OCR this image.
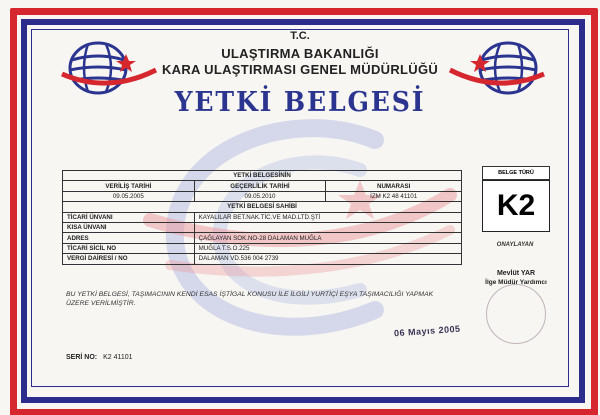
T.C.
ULAŞTIRMA BAKANLIĞI
KARA ULAŞTIRMASI GENEL MÜDÜRLÜĞÜ
YETKİ BELGESİ
YETKİ BELGESİNİN		
VERİLİŞ TARİHİ	GEÇERLİLİK TARİHİ	NUMARASI
09.05.2005	09.05.2010	İZM K2 48 41101
YETKİ BELGESİ SAHİBİ		
TİCARİ ÜNVANI	KAYALILAR BET.NAK.TİC.VE MAD.LTD.ŞTİ	
KISA ÜNVANI		
ADRES	ÇAĞLAYAN SOK.NO-28 DALAMAN MUĞLA	
TİCARİ SİCİL NO	MUĞLA T.S.O.225	
VERGİ DAİRESİ / NO	DALAMAN VD.536 004 2739	
BELGE TÜRÜ
K2
ONAYLAYAN
Mevlüt YAR
İlge Müdür Yardımcı
BU YETKİ BELGESİ, TAŞIMACININ KENDİ ESAS İŞTİGAL KONUSU İLE İLGİLİ YURTİÇİ EŞYA TAŞIMACILIĞI YAPMAK ÜZERE VERİLMİŞTİR.
06 Mayıs 2005
SERİ NO: K2 41101
